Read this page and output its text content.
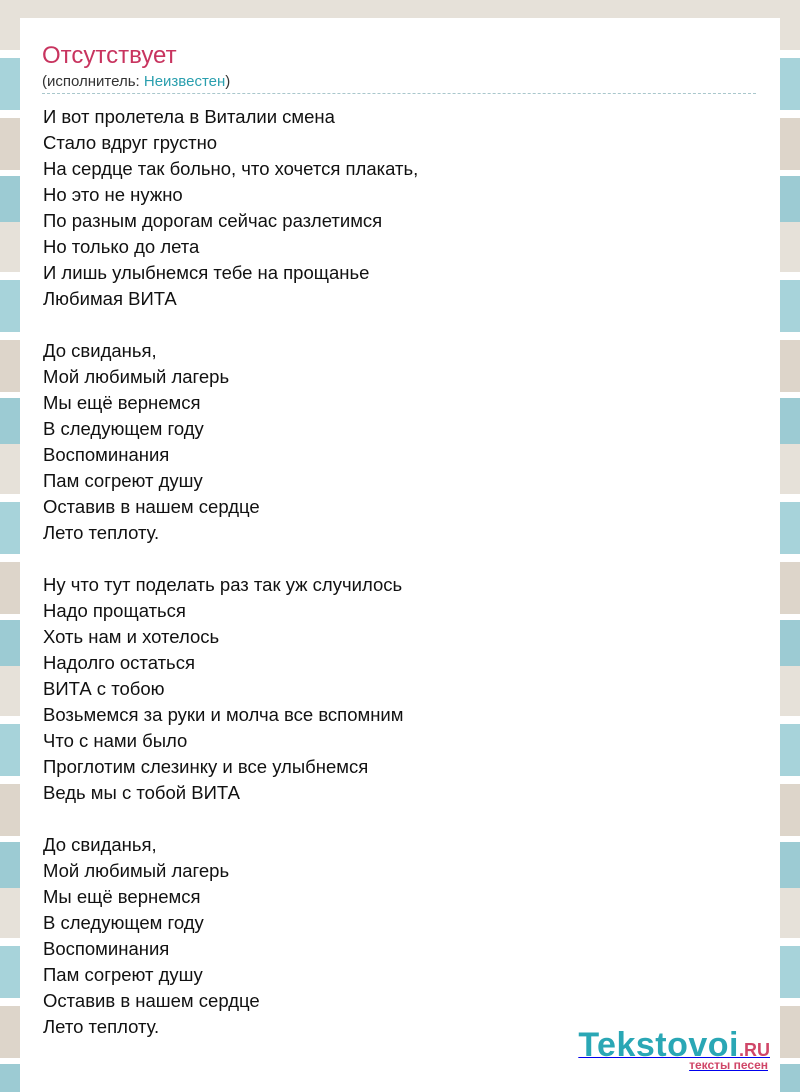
Отсутствует
(исполнитель: Неизвестен)
И вот пролетела в Виталии смена
Стало вдруг грустно
На сердце так больно, что хочется плакать,
Но это не нужно
По разным дорогам сейчас разлетимся
Но только до лета
И лишь улыбнемся тебе на прощанье
Любимая ВИТА
До свиданья,
Мой любимый лагерь
Мы ещё вернемся
В следующем году
Воспоминания
Пам согреют душу
Оставив в нашем сердце
Лето теплоту.
Ну что тут поделать раз так уж случилось
Надо прощаться
Хоть нам и хотелось
Надолго остаться
ВИТА с тобою
Возьмемся за руки и молча все вспомним
Что с нами было
Проглотим слезинку и все улыбнемся
Ведь мы с тобой ВИТА
До свиданья,
Мой любимый лагерь
Мы ещё вернемся
В следующем году
Воспоминания
Пам согреют душу
Оставив в нашем сердце
Лето теплоту.	Tekstovoi.RU
тексты песен
